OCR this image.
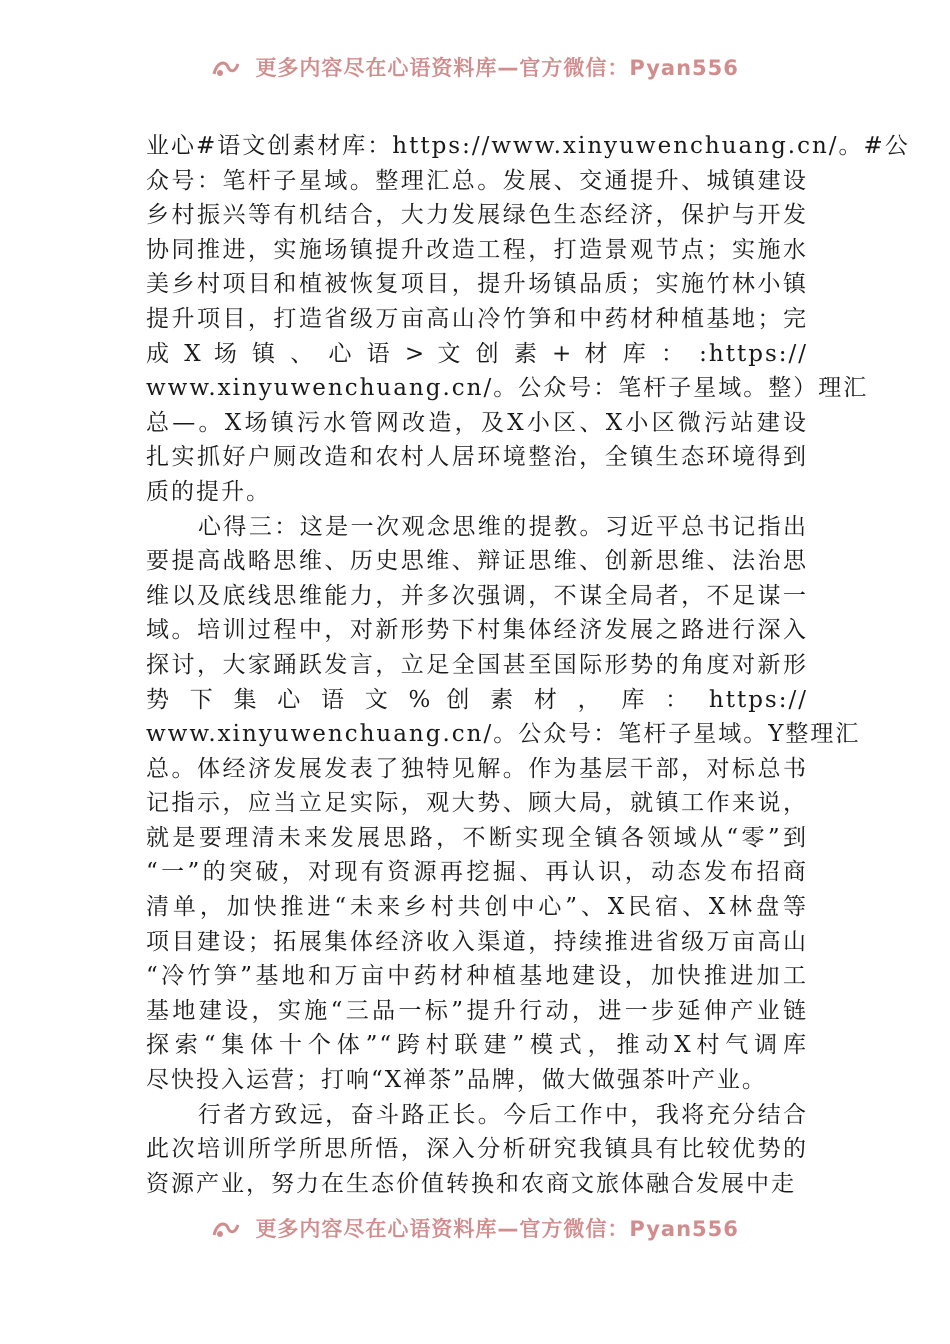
更多内容尽在心语资料库—官方微信：Pyan556
业心#语文创素材库：https://www.xinyuwenchuang.cn/。#公
众号：笔杆子星域。整理汇总。发展、交通提升、城镇建设
乡村振兴等有机结合，大力发展绿色生态经济，保护与开发
协同推进，实施场镇提升改造工程，打造景观节点；实施水
美乡村项目和植被恢复项目，提升场镇品质；实施竹林小镇
提升项目，打造省级万亩高山冷竹笋和中药材种植基地；完
成 X 场 镇 、 心 语 > 文 创 素 + 材 库 ： :https://
www.xinyuwenchuang.cn/。公众号：笔杆子星域。整）理汇
总—。X场镇污水管网改造，及X小区、X小区微污站建设
扎实抓好户厕改造和农村人居环境整治，全镇生态环境得到
质的提升。
心得三：这是一次观念思维的提教。习近平总书记指出
要提高战略思维、历史思维、辩证思维、创新思维、法治思
维以及底线思维能力，并多次强调，不谋全局者，不足谋一
域。培训过程中，对新形势下村集体经济发展之路进行深入
探讨，大家踊跃发言，立足全国甚至国际形势的角度对新形
势 下 集 心 语 文 % 创 素 材 ， 库 ： https://
www.xinyuwenchuang.cn/。公众号：笔杆子星域。Y整理汇
总。体经济发展发表了独特见解。作为基层干部，对标总书
记指示，应当立足实际，观大势、顾大局，就镇工作来说，
就是要理清未来发展思路，不断实现全镇各领域从“零”到
“一”的突破，对现有资源再挖掘、再认识，动态发布招商
清单，加快推进“未来乡村共创中心”、X民宿、X林盘等
项目建设；拓展集体经济收入渠道，持续推进省级万亩高山
“冷竹笋”基地和万亩中药材种植基地建设，加快推进加工
基地建设，实施“三品一标”提升行动，进一步延伸产业链
探索“集体十个体”“跨村联建”模式，推动X村气调库
尽快投入运营；打响“X禅茶”品牌，做大做强茶叶产业。
行者方致远，奋斗路正长。今后工作中，我将充分结合
此次培训所学所思所悟，深入分析研究我镇具有比较优势的
资源产业，努力在生态价值转换和农商文旅体融合发展中走
更多内容尽在心语资料库—官方微信：Pyan556
